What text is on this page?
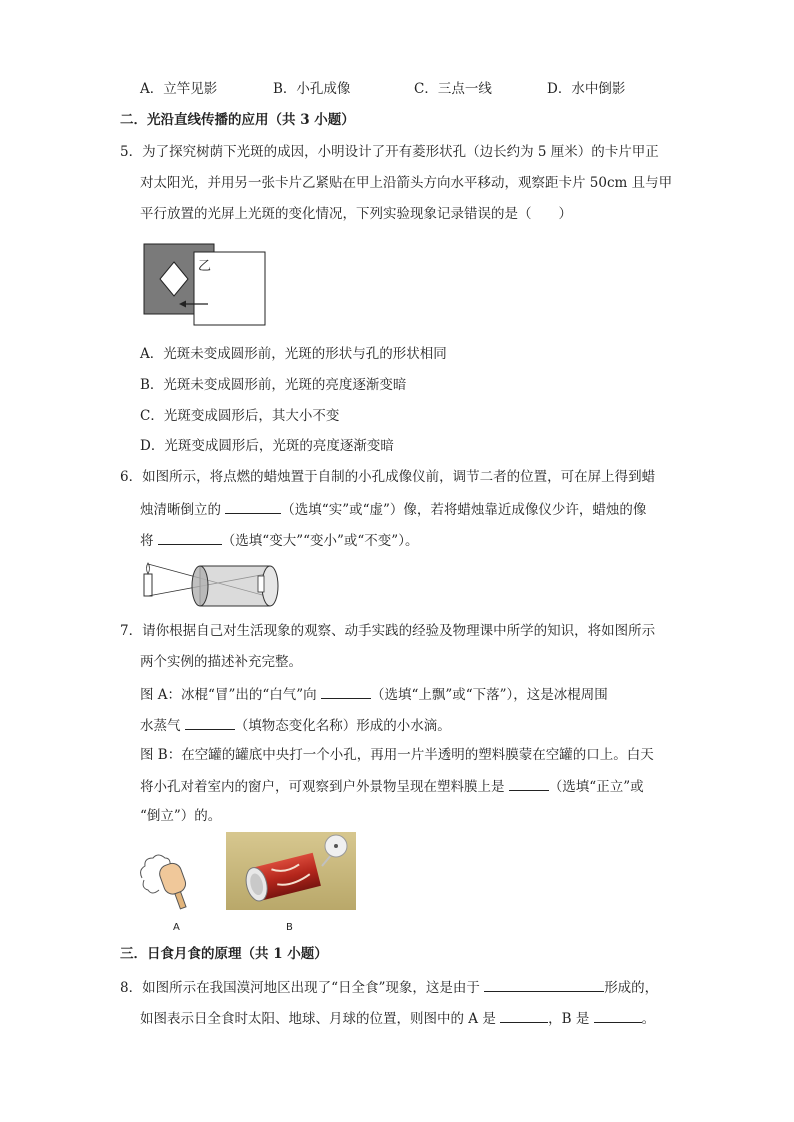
A．立竿见影	B．小孔成像	C．三点一线	D．水中倒影
二．光沿直线传播的应用（共 3 小题）
5．为了探究树荫下光斑的成因，小明设计了开有菱形状孔（边长约为 5 厘米）的卡片甲正
对太阳光，并用另一张卡片乙紧贴在甲上沿箭头方向水平移动，观察距卡片 50cm 且与甲
平行放置的光屏上光斑的变化情况，下列实验现象记录错误的是（　　）
乙
A．光斑未变成圆形前，光斑的形状与孔的形状相同
B．光斑未变成圆形前，光斑的亮度逐渐变暗
C．光斑变成圆形后，其大小不变
D．光斑变成圆形后，光斑的亮度逐渐变暗
6．如图所示，将点燃的蜡烛置于自制的小孔成像仪前，调节二者的位置，可在屏上得到蜡
烛清晰倒立的	（选填“实”或“虚”）像，若将蜡烛靠近成像仪少许，蜡烛的像
将	（选填“变大”“变小”或“不变”）。
7．请你根据自己对生活现象的观察、动手实践的经验及物理课中所学的知识，将如图所示
两个实例的描述补充完整。
图 A：冰棍“冒”出的“白气”向	（选填“上飘”或“下落”），这是冰棍周围
水蒸气	（填物态变化名称）形成的小水滴。
图 B：在空罐的罐底中央打一个小孔，再用一片半透明的塑料膜蒙在空罐的口上。白天
将小孔对着室内的窗户，可观察到户外景物呈现在塑料膜上是	（选填“正立”或
“倒立”）的。
A	B
三．日食月食的原理（共 1 小题）
8．如图所示在我国漠河地区出现了“日全食”现象，这是由于	形成的，
如图表示日全食时太阳、地球、月球的位置，则图中的 A 是	，B 是	。
